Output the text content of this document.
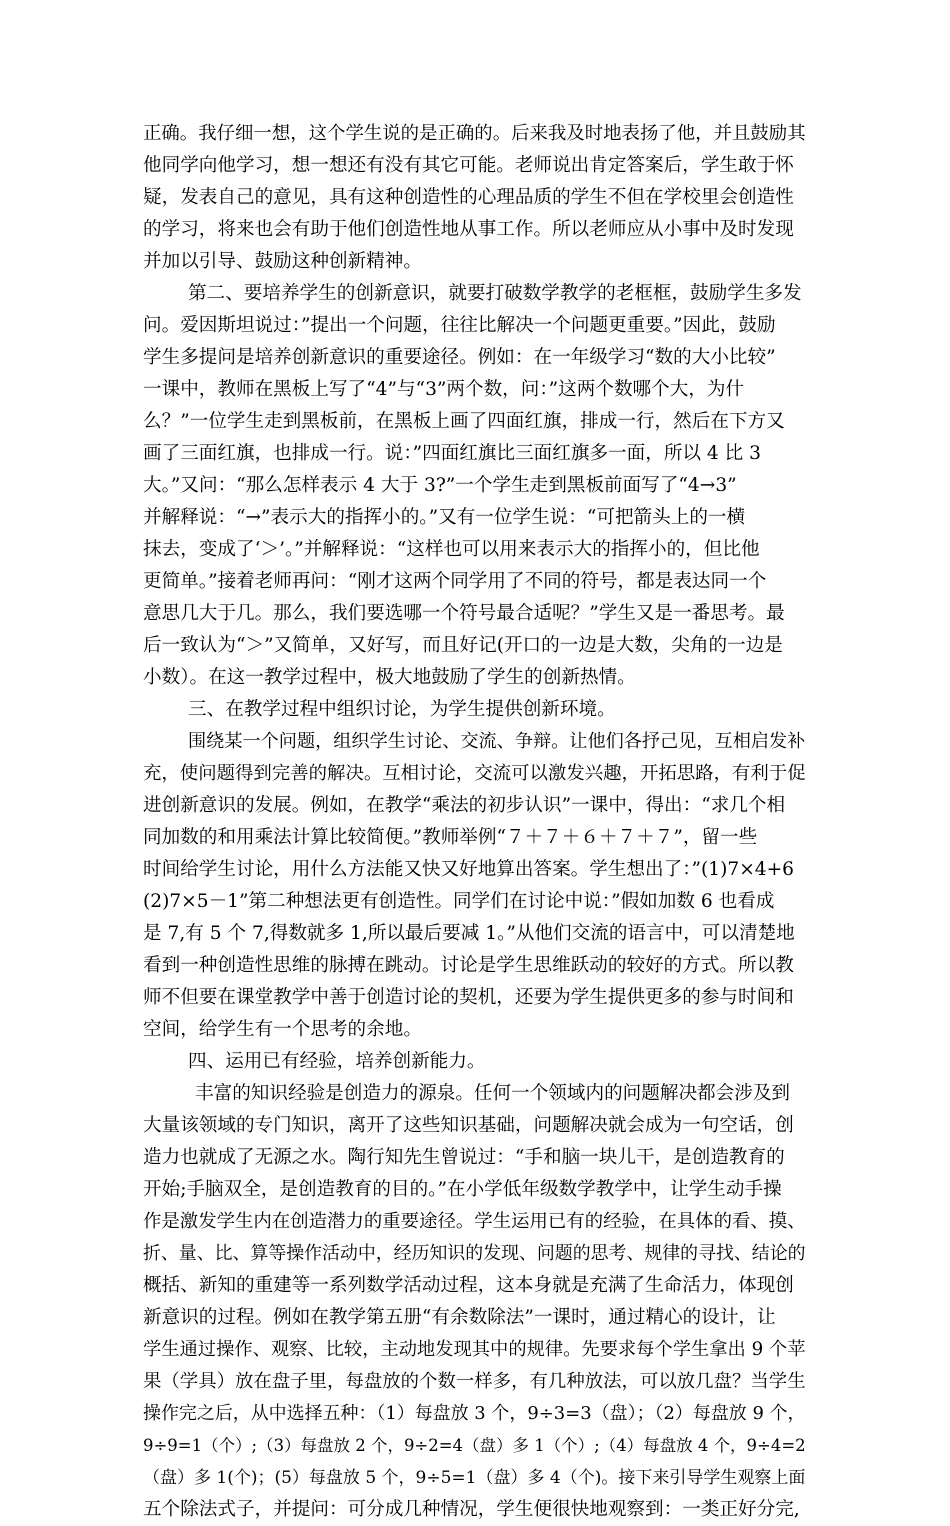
正确。我仔细一想，这个学生说的是正确的。后来我及时地表扬了他，并且鼓励其
他同学向他学习，想一想还有没有其它可能。老师说出肯定答案后，学生敢于怀
疑，发表自己的意见，具有这种创造性的心理品质的学生不但在学校里会创造性
的学习，将来也会有助于他们创造性地从事工作。所以老师应从小事中及时发现
并加以引导、鼓励这种创新精神。
第二、要培养学生的创新意识，就要打破数学教学的老框框，鼓励学生多发
问。爱因斯坦说过：”提出一个问题，往往比解决一个问题更重要。”因此，鼓励
学生多提问是培养创新意识的重要途径。例如：在一年级学习“数的大小比较”
一课中，教师在黑板上写了“4”与“3”两个数，问：”这两个数哪个大，为什
么？”一位学生走到黑板前，在黑板上画了四面红旗，排成一行，然后在下方又
画了三面红旗，也排成一行。说：”四面红旗比三面红旗多一面，所以 4 比 3
大。”又问：“那么怎样表示 4 大于 3?”一个学生走到黑板前面写了“4→3”
并解释说：“→”表示大的指挥小的。”又有一位学生说：“可把箭头上的一横
抹去，变成了‘＞’。”并解释说：“这样也可以用来表示大的指挥小的，但比他
更简单。”接着老师再问：“刚才这两个同学用了不同的符号，都是表达同一个
意思几大于几。那么，我们要选哪一个符号最合适呢？”学生又是一番思考。最
后一致认为“＞”又简单，又好写，而且好记(开口的一边是大数，尖角的一边是
小数）。在这一教学过程中，极大地鼓励了学生的创新热情。
三、在教学过程中组织讨论，为学生提供创新环境。
围绕某一个问题，组织学生讨论、交流、争辩。让他们各抒己见，互相启发补
充，使问题得到完善的解决。互相讨论，交流可以激发兴趣，开拓思路，有利于促
进创新意识的发展。例如，在教学“乘法的初步认识”一课中，得出：“求几个相
同加数的和用乘法计算比较简便。”教师举例“７＋７＋６＋７＋７”，留一些
时间给学生讨论，用什么方法能又快又好地算出答案。学生想出了：”(1)7×4+6
(2)7×5－1”第二种想法更有创造性。同学们在讨论中说：”假如加数 6 也看成
是 7,有 5 个 7,得数就多 1,所以最后要减 1。”从他们交流的语言中，可以清楚地
看到一种创造性思维的脉搏在跳动。讨论是学生思维跃动的较好的方式。所以教
师不但要在课堂教学中善于创造讨论的契机，还要为学生提供更多的参与时间和
空间，给学生有一个思考的余地。
四、运用已有经验，培养创新能力。
丰富的知识经验是创造力的源泉。任何一个领域内的问题解决都会涉及到
大量该领域的专门知识，离开了这些知识基础，问题解决就会成为一句空话，创
造力也就成了无源之水。陶行知先生曾说过：“手和脑一块儿干，是创造教育的
开始;手脑双全，是创造教育的目的。”在小学低年级数学教学中，让学生动手操
作是激发学生内在创造潜力的重要途径。学生运用已有的经验，在具体的看、摸、
折、量、比、算等操作活动中，经历知识的发现、问题的思考、规律的寻找、结论的
概括、新知的重建等一系列数学活动过程，这本身就是充满了生命活力，体现创
新意识的过程。例如在教学第五册“有余数除法”一课时，通过精心的设计，让
学生通过操作、观察、比较，主动地发现其中的规律。先要求每个学生拿出 9 个苹
果（学具）放在盘子里，每盘放的个数一样多，有几种放法，可以放几盘？当学生
操作完之后，从中选择五种：（1）每盘放 3 个，9÷3=3（盘）；（2）每盘放 9 个，
9÷9=1（个）;（3）每盘放 2 个，9÷2=4（盘）多 1（个）;（4）每盘放 4 个，9÷4=2
（盘）多 1(个)；(5）每盘放 5 个，9÷5=1（盘）多 4（个)。接下来引导学生观察上面
五个除法式子，并提问：可分成几种情况，学生便很快地观察到：一类正好分完,
